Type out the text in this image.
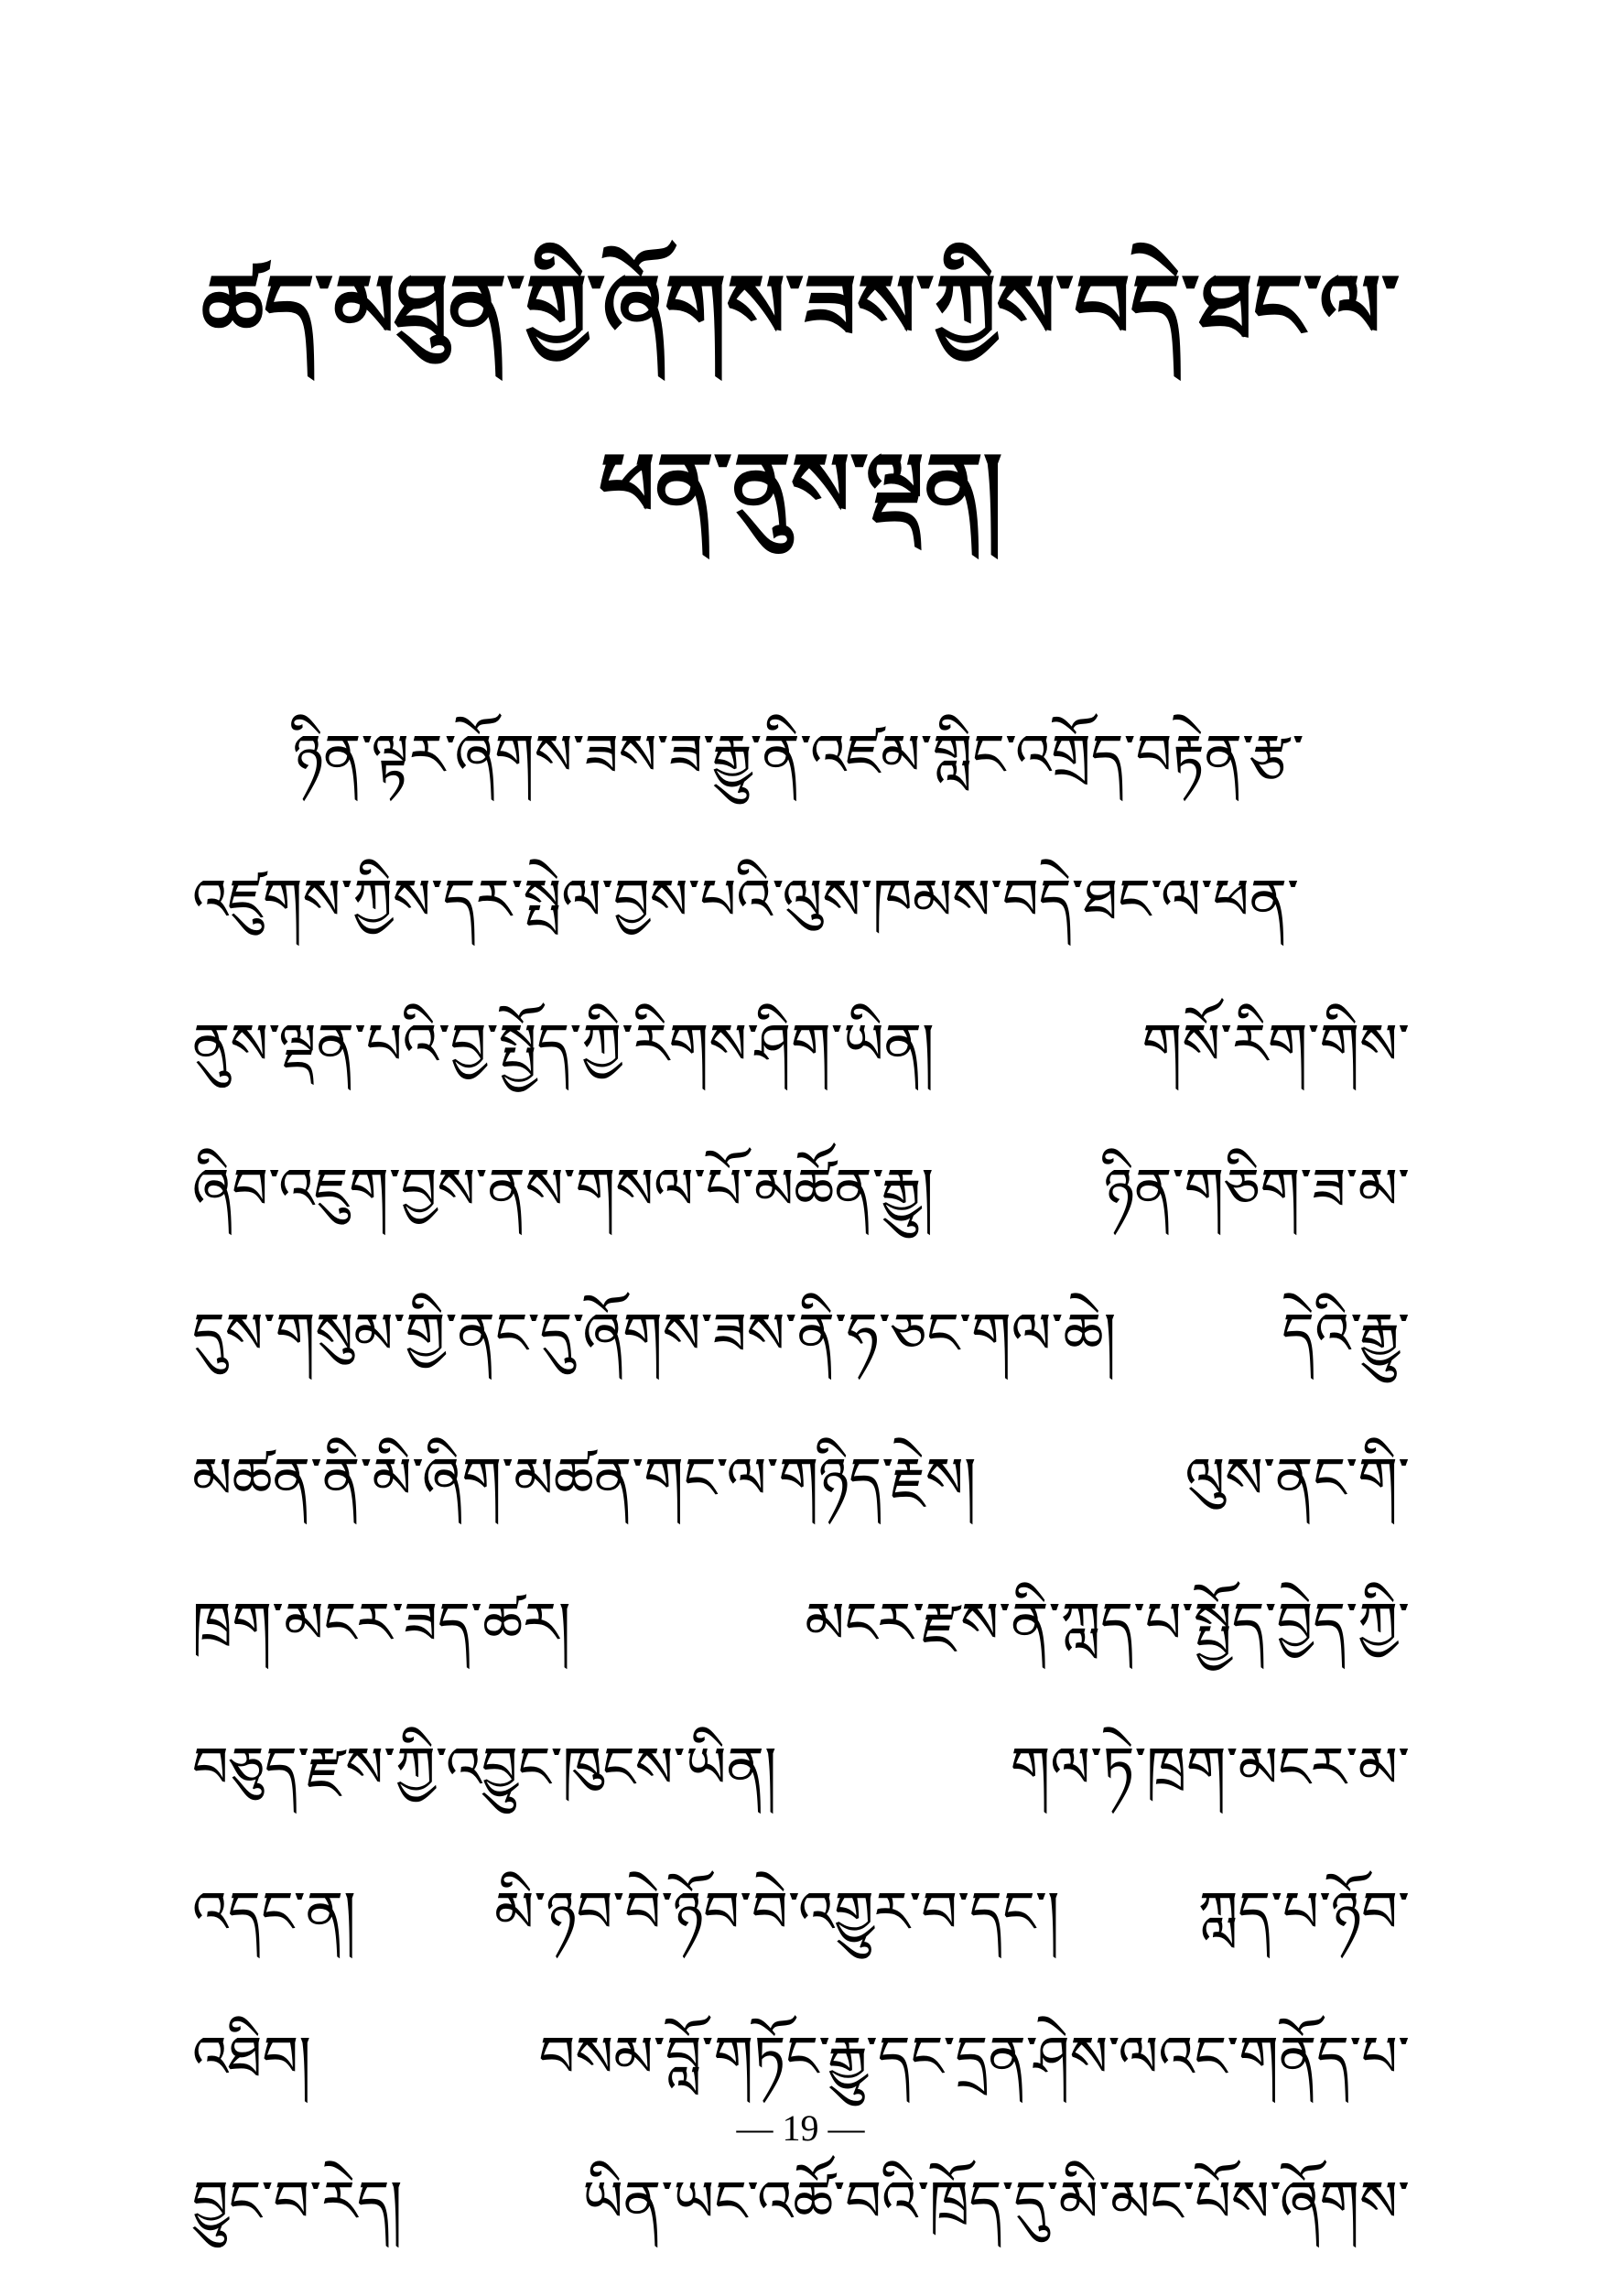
ཚད་མཐུན་གྱི་ཞོགས་ཟས་ཀྱིས་བདེ་ཐང་ལ་
ཕན་ནུས་ལྡན།
ཉིན་ལྟར་ཞོགས་ཟས་ཟ་རྒྱུ་ནི་འཛམ་གླིང་འགྲོད་བརྟེན་རྩ་
འཛུགས་ཀྱིས་དར་སྤེལ་བྱས་པའི་ལུས་ཁམས་བདེ་ཐང་ལ་ཕན་
ནུས་ལྡན་པའི་བྱ་སྤྱོད་ཀྱི་རིགས་ཤིག་ཡིན། གསོ་རིག་གིས་
ཞིབ་འཇུག་བྱས་ནས་གསལ་པོ་མཚོན་རྒྱུ། ཉིན་གཅིག་ཟ་མ་
དུས་གསུམ་གྱི་ནང་དུ་ཞོགས་ཟས་ནི་ཧ་ཅང་གལ་ཆེ། དེའི་རྒྱུ་
མཚན་ནི་མི་ཞིག་མཚན་གང་ལ་གཉིད་རྗེས། ལུས་ནང་གི་
ཁྲག་མངར་ཟད་ཚར། མངར་རྫས་ནི་ཀླད་པ་སྤྱོད་བྱེད་ཀྱི་
བཅུད་རྫས་ཀྱི་འབྱུང་ཁུངས་ཡིན། གལ་ཏེ་ཁྲག་མངར་མ་
འདང་ན། མི་ཉབ་བེ་ཉོབ་བེ་འགྱུར་བ་དང་། ཀླད་པ་ཉོབ་
འཐིབ། བསམ་བློ་གཏོང་རྒྱུ་དང་དྲན་ཤེས་ལའང་གནོད་པ་
བྱུང་བ་རེད། ཡིན་ཡང་འཚོ་བའི་ཁྲོད་དུ་མི་མང་པོས་ཞོགས་
— 19 —
